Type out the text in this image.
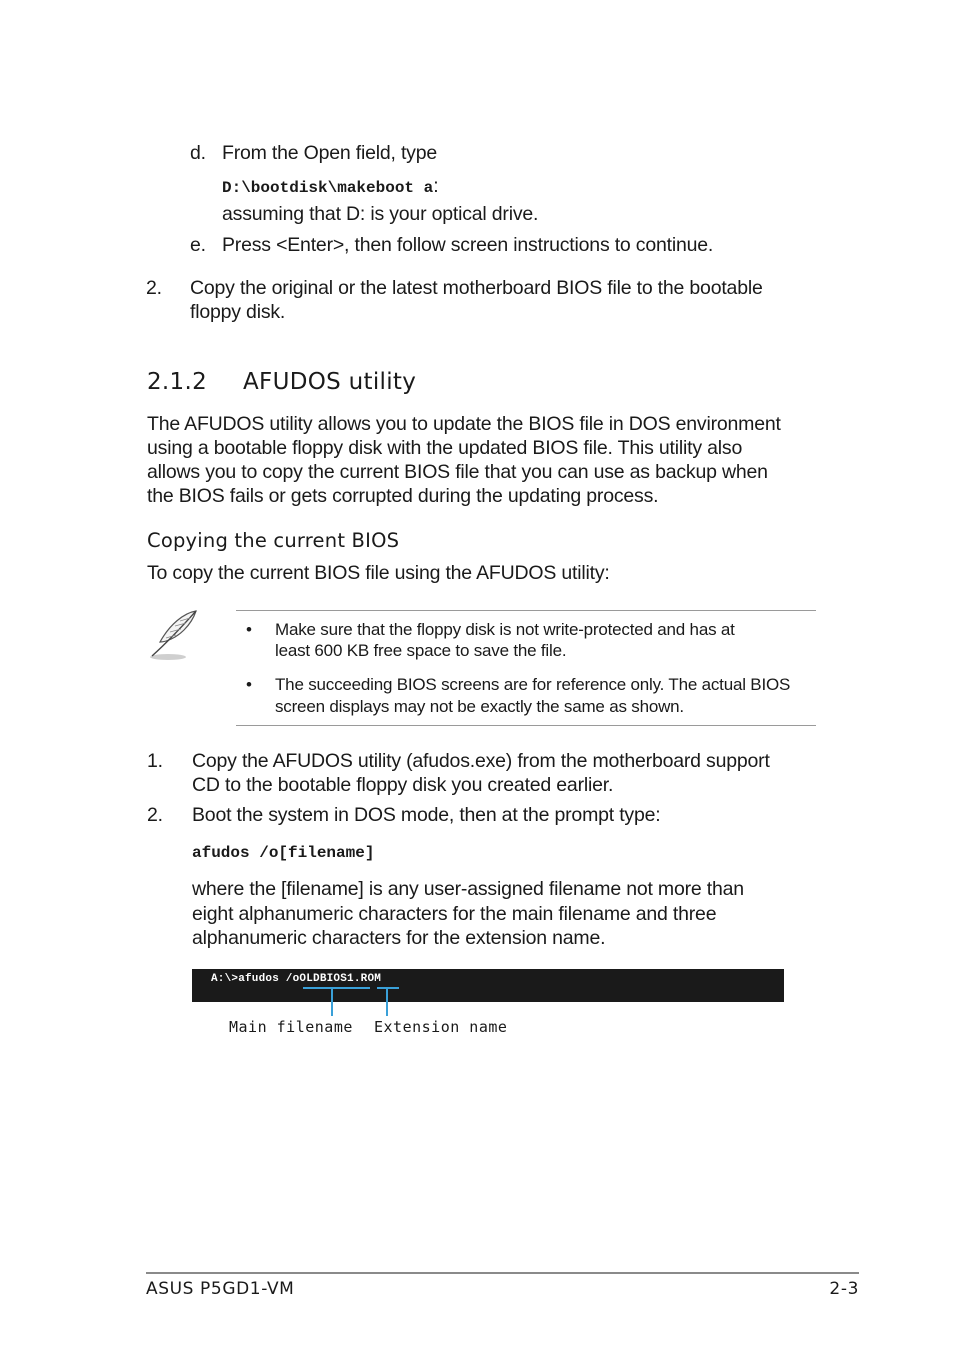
d. From the Open field, type
D:\bootdisk\makeboot a:
assuming that D: is your optical drive.
e. Press <Enter>, then follow screen instructions to continue.
2. Copy the original or the latest motherboard BIOS file to the bootable
floppy disk.
2.1.2 AFUDOS utility
The AFUDOS utility allows you to update the BIOS file in DOS environment
using a bootable floppy disk with the updated BIOS file. This utility also
allows you to copy the current BIOS file that you can use as backup when
the BIOS fails or gets corrupted during the updating process.
Copying the current BIOS
To copy the current BIOS file using the AFUDOS utility:
• Make sure that the floppy disk is not write-protected and has at
least 600 KB free space to save the file.
• The succeeding BIOS screens are for reference only. The actual BIOS
screen displays may not be exactly the same as shown.
1. Copy the AFUDOS utility (afudos.exe) from the motherboard support
CD to the bootable floppy disk you created earlier.
2. Boot the system in DOS mode, then at the prompt type:
afudos /o[filename]
where the [filename] is any user-assigned filename not more than
eight alphanumeric characters for the main filename and three
alphanumeric characters for the extension name.
A:\>afudos /oOLDBIOS1.ROM
Main filename Extension name
ASUS P5GD1-VM	2-3
